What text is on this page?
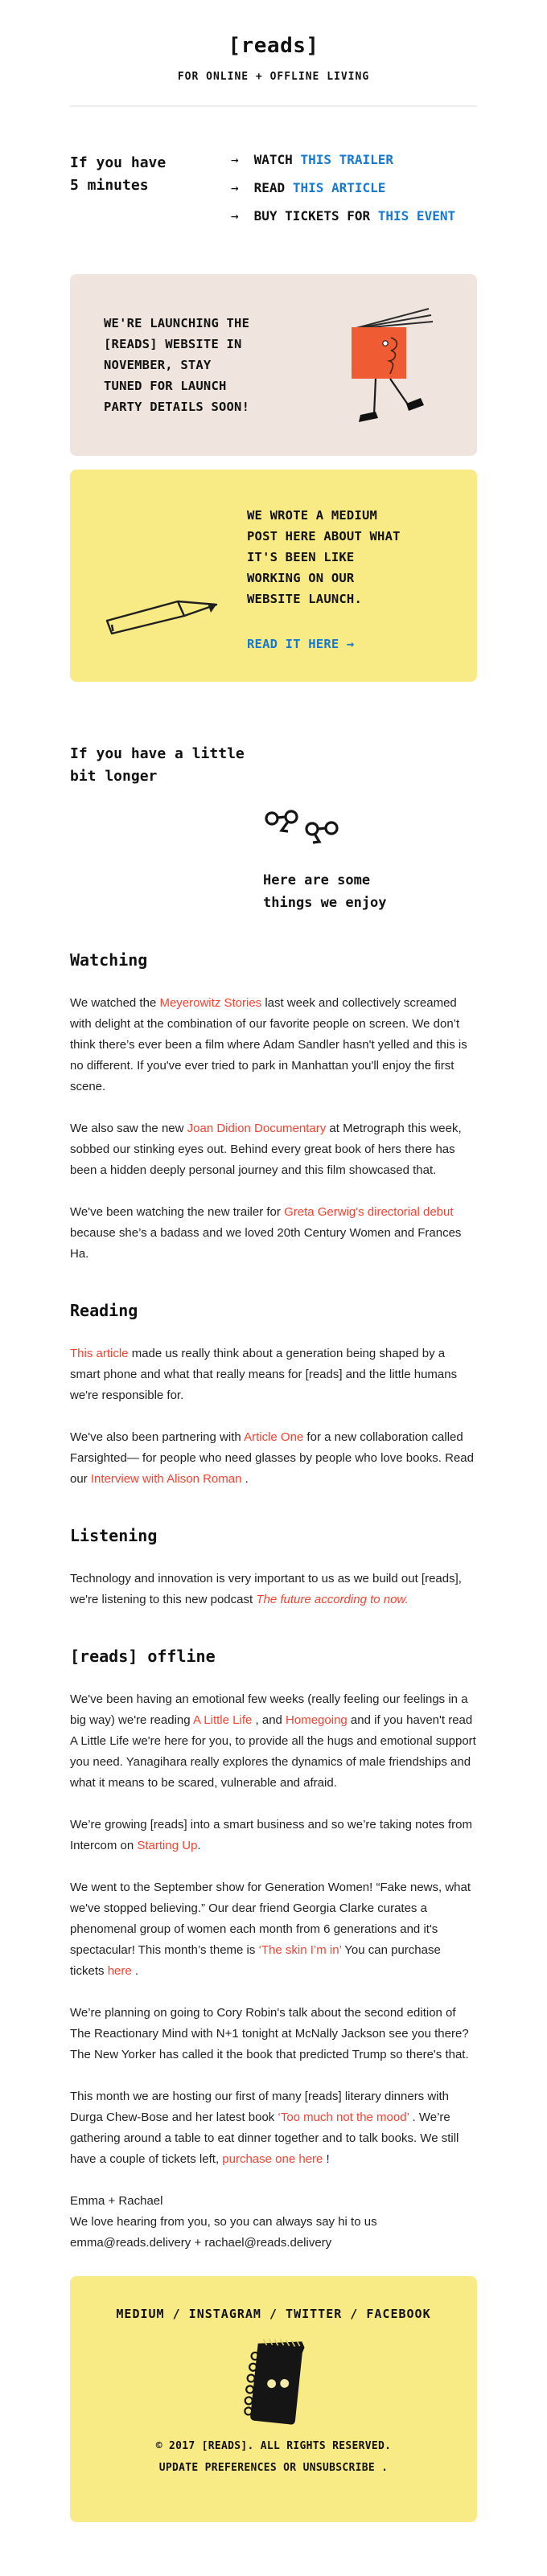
[reads]
FOR ONLINE + OFFLINE LIVING
If you have
5 minutes
→ WATCH THIS TRAILER
→ READ THIS ARTICLE
→ BUY TICKETS FOR THIS EVENT
WE'RE LAUNCHING THE
[READS] WEBSITE IN
NOVEMBER, STAY
TUNED FOR LAUNCH
PARTY DETAILS SOON!
WE WROTE A MEDIUM
POST HERE ABOUT WHAT
IT'S BEEN LIKE
WORKING ON OUR
WEBSITE LAUNCH.
READ IT HERE →
If you have a little
bit longer
Here are some
things we enjoy
Watching
We watched the Meyerowitz Stories last week and collectively screamed with delight at the combination of our favorite people on screen. We don’t think there’s ever been a film where Adam Sandler hasn't yelled and this is no different. If you've ever tried to park in Manhattan you'll enjoy the first scene.
We also saw the new Joan Didion Documentary at Metrograph this week, sobbed our stinking eyes out. Behind every great book of hers there has been a hidden deeply personal journey and this film showcased that.
We've been watching the new trailer for Greta Gerwig's directorial debut because she’s a badass and we loved 20th Century Women and Frances Ha.
Reading
This article made us really think about a generation being shaped by a smart phone and what that really means for [reads] and the little humans we're responsible for.
We've also been partnering with Article One for a new collaboration called Farsighted— for people who need glasses by people who love books. Read our Interview with Alison Roman .
Listening
Technology and innovation is very important to us as we build out [reads], we're listening to this new podcast The future according to now.
[reads] offline
We've been having an emotional few weeks (really feeling our feelings in a big way) we're reading A Little Life , and Homegoing and if you haven't read A Little Life we're here for you, to provide all the hugs and emotional support you need. Yanagihara really explores the dynamics of male friendships and what it means to be scared, vulnerable and afraid.
We’re growing [reads] into a smart business and so we’re taking notes from Intercom on Starting Up.
We went to the September show for Generation Women! “Fake news, what we've stopped believing.” Our dear friend Georgia Clarke curates a phenomenal group of women each month from 6 generations and it's spectacular! This month’s theme is ‘The skin I’m in’ You can purchase tickets here .
We’re planning on going to Cory Robin's talk about the second edition of The Reactionary Mind with N+1 tonight at McNally Jackson see you there? The New Yorker has called it the book that predicted Trump so there's that.
This month we are hosting our first of many [reads] literary dinners with Durga Chew-Bose and her latest book ‘Too much not the mood’ . We’re gathering around a table to eat dinner together and to talk books. We still have a couple of tickets left, purchase one here !
Emma + Rachael
We love hearing from you, so you can always say hi to us
emma@reads.delivery + rachael@reads.delivery
MEDIUM / INSTAGRAM / TWITTER / FACEBOOK
© 2017 [READS]. ALL RIGHTS RESERVED.
UPDATE PREFERENCES OR UNSUBSCRIBE .
